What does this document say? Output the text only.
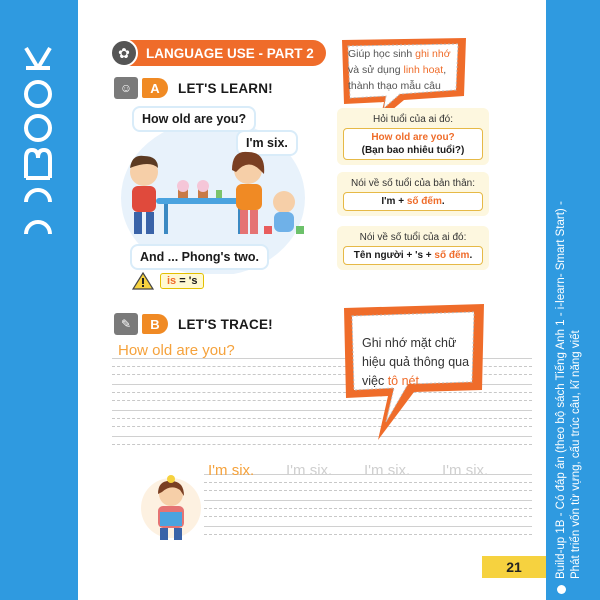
Build-up 1B - Có đáp án (theo bộ sách Tiếng Anh 1 - i-learn- Smart Start) - Phát triển vốn từ vựng, cấu trúc câu, kĩ năng viết
21
✿	LANGUAGE USE - PART 2
☺	A	LET'S LEARN!
How old are you?
I'm six.
And ... Phong's two.
is = 's
Giúp học sinh ghi nhớ và sử dụng linh hoạt, thành thạo mẫu câu
Hỏi tuổi của ai đó:
How old are you?
(Bạn bao nhiêu tuổi?)
Nói về số tuổi của bản thân:
I'm + số đếm.
Nói về số tuổi của ai đó:
Tên người + 's + số đếm.
✎	B	LET'S TRACE!
How old are you?	Ghi nhớ mặt chữ hiệu quả thông qua việc tô nét
I'm six. I'm six. I'm six. I'm six.
